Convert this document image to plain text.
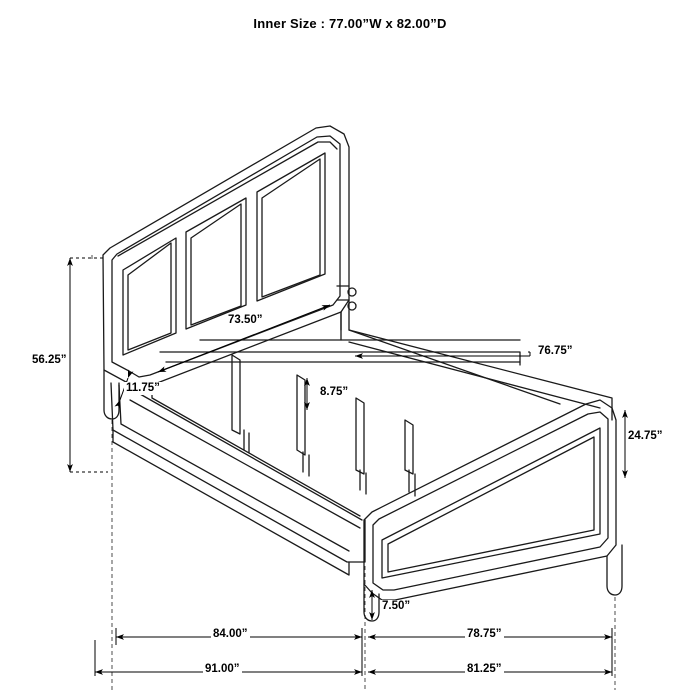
Inner Size : 77.00”W x 82.00”D
56.25”
73.50”
11.75”	8.75”
76.75”
24.75”
7.50”
84.00”	78.75”
91.00”	81.25”
